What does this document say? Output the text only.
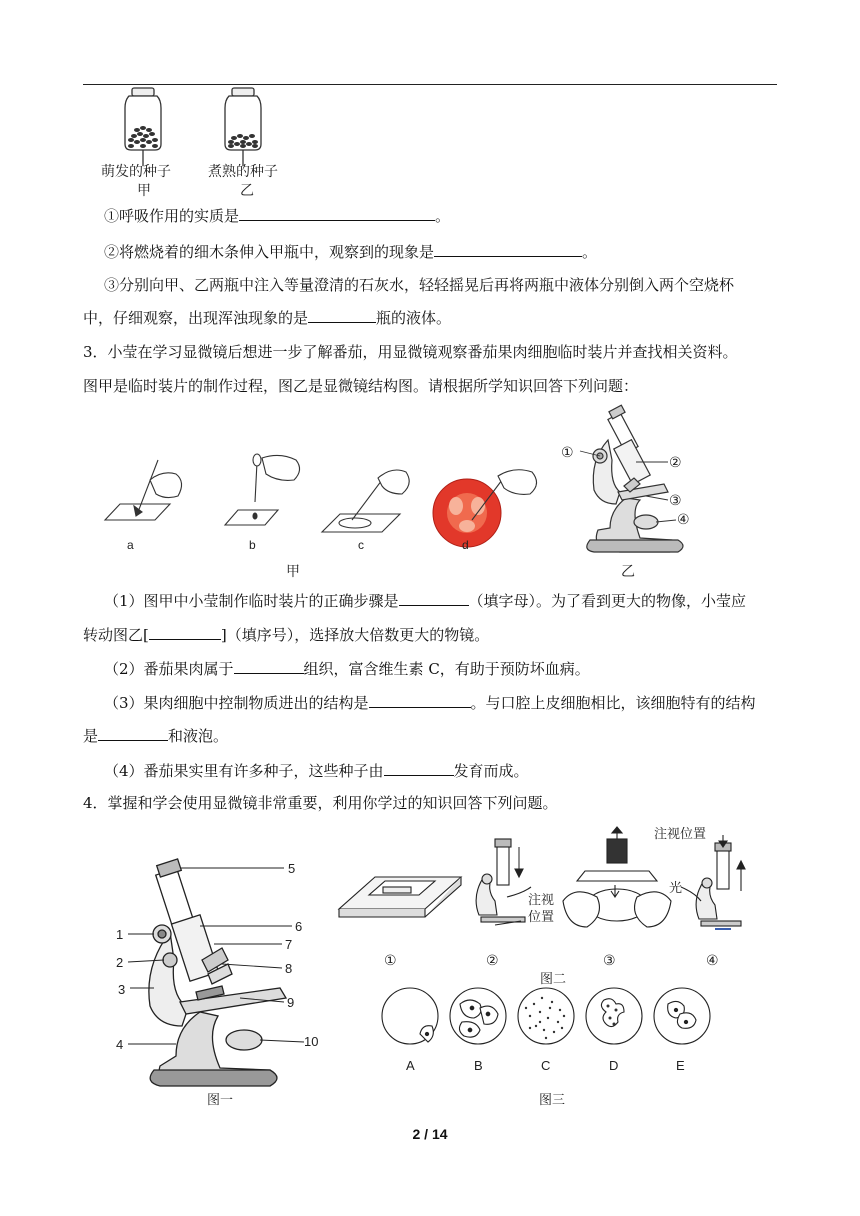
萌发的种子
甲
煮熟的种子
乙
①呼吸作用的实质是	。
②将燃烧着的细木条伸入甲瓶中，观察到的现象是	。
③分别向甲、乙两瓶中注入等量澄清的石灰水，轻轻摇晃后再将两瓶中液体分别倒入两个空烧杯
中，仔细观察，出现浑浊现象的是	瓶的液体。
3．小莹在学习显微镜后想进一步了解番茄，用显微镜观察番茄果肉细胞临时装片并查找相关资料。
图甲是临时装片的制作过程，图乙是显微镜结构图。请根据所学知识回答下列问题：
a	b	c	d
甲
①
②
③
④
乙
（1）图甲中小莹制作临时装片的正确步骤是	（填字母）。为了看到更大的物像，小莹应
转动图乙[	]（填序号），选择放大倍数更大的物镜。
（2）番茄果肉属于	组织，富含维生素 C，有助于预防坏血病。
（3）果肉细胞中控制物质进出的结构是	。与口腔上皮细胞相比，该细胞特有的结构
是	和液泡。
（4）番茄果实里有许多种子，这些种子由	发育而成。
4．掌握和学会使用显微镜非常重要，利用你学过的知识回答下列问题。
1
2
3
4
5
6
7
8
9
10
图一
注视
位置
注视位置
光
①	②	③	④
图二
A	B	C	D	E
图三
2 / 14
